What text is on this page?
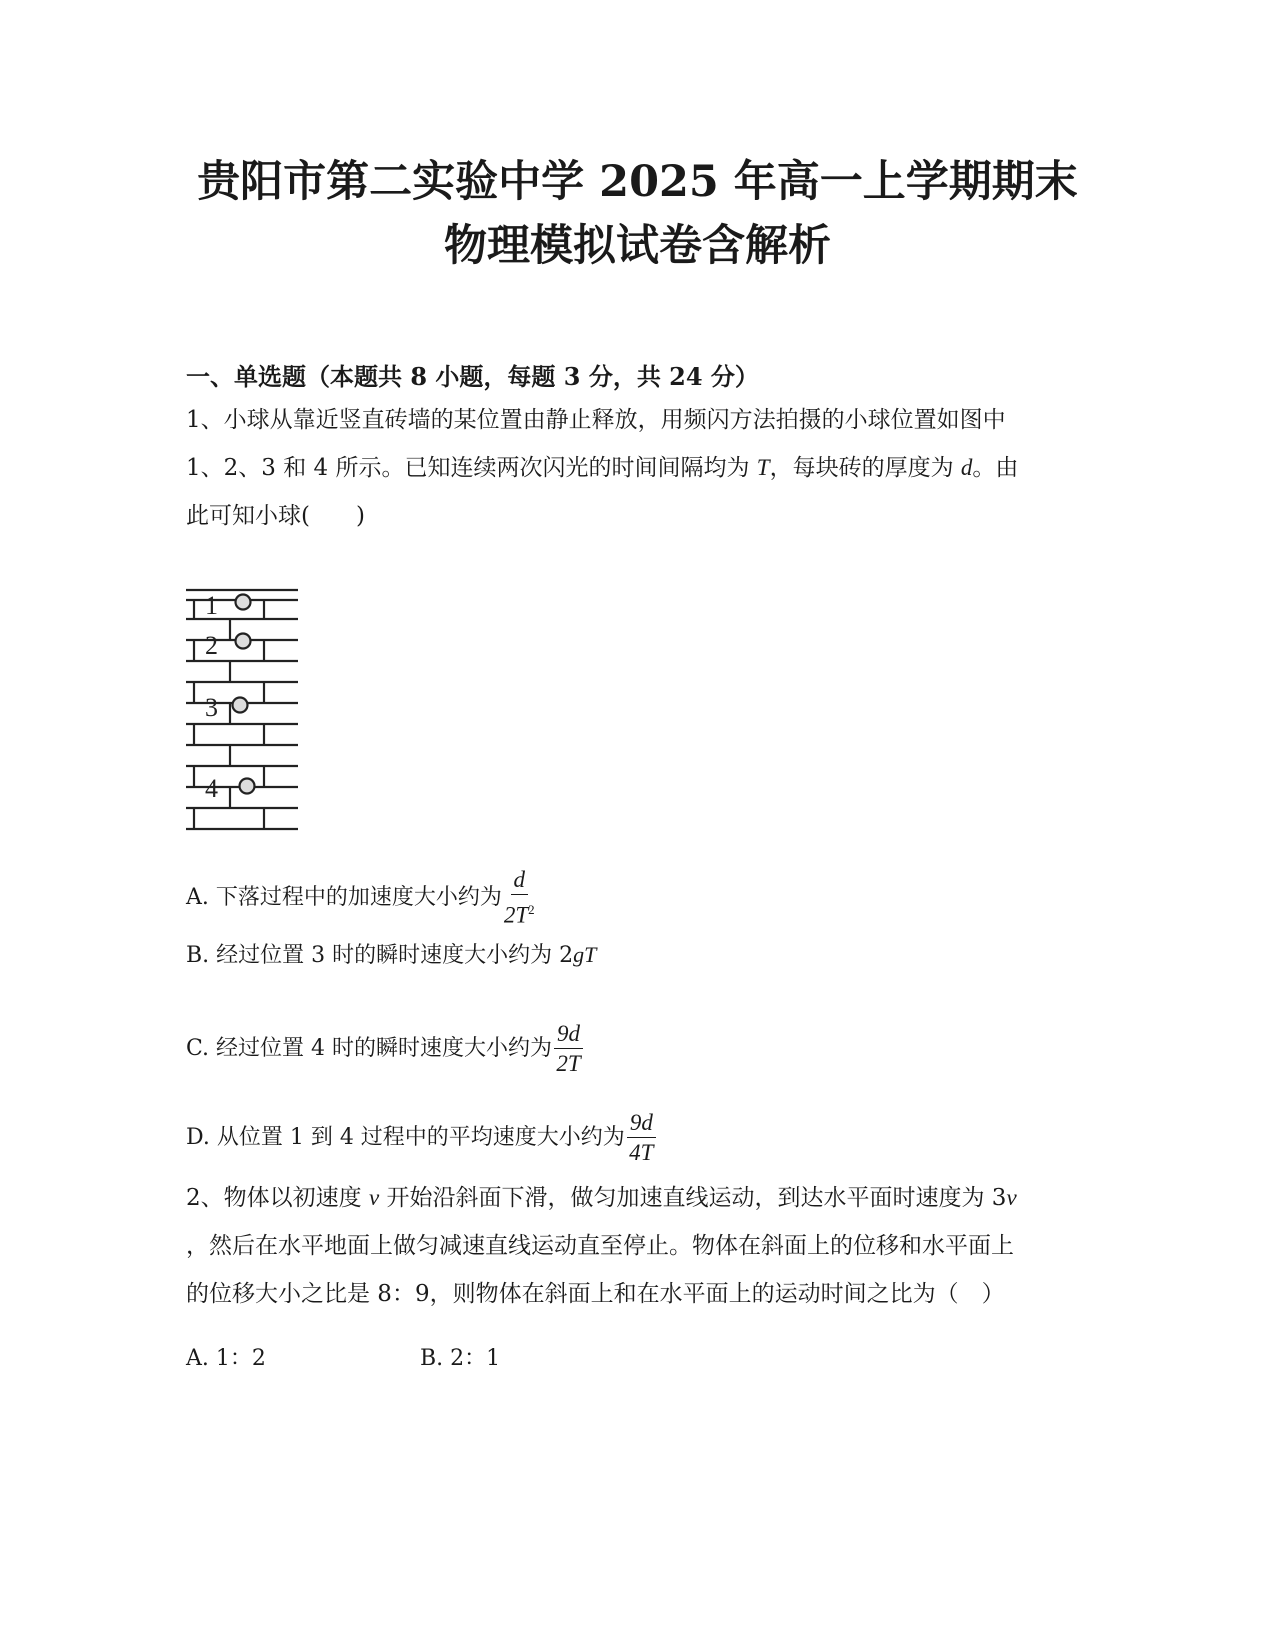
贵阳市第二实验中学 2025 年高一上学期期末
物理模拟试卷含解析
一、单选题（本题共 8 小题，每题 3 分，共 24 分）
1、小球从靠近竖直砖墙的某位置由静止释放，用频闪方法拍摄的小球位置如图中
1、2、3 和 4 所示。已知连续两次闪光的时间间隔均为 T，每块砖的厚度为 d。由
此可知小球(　　)
1
2
3
4
A. 下落过程中的加速度大小约为 $\frac{d}{2T^2}$
B. 经过位置 3 时的瞬时速度大小约为 2gT
C. 经过位置 4 时的瞬时速度大小约为 $\frac{9d}{2T}$
D. 从位置 1 到 4 过程中的平均速度大小约为 $\frac{9d}{4T}$
2、物体以初速度 v 开始沿斜面下滑，做匀加速直线运动，到达水平面时速度为 3v
，然后在水平地面上做匀减速直线运动直至停止。物体在斜面上的位移和水平面上
的位移大小之比是 8：9，则物体在斜面上和在水平面上的运动时间之比为（　）
A. 1：2	B. 2：1
